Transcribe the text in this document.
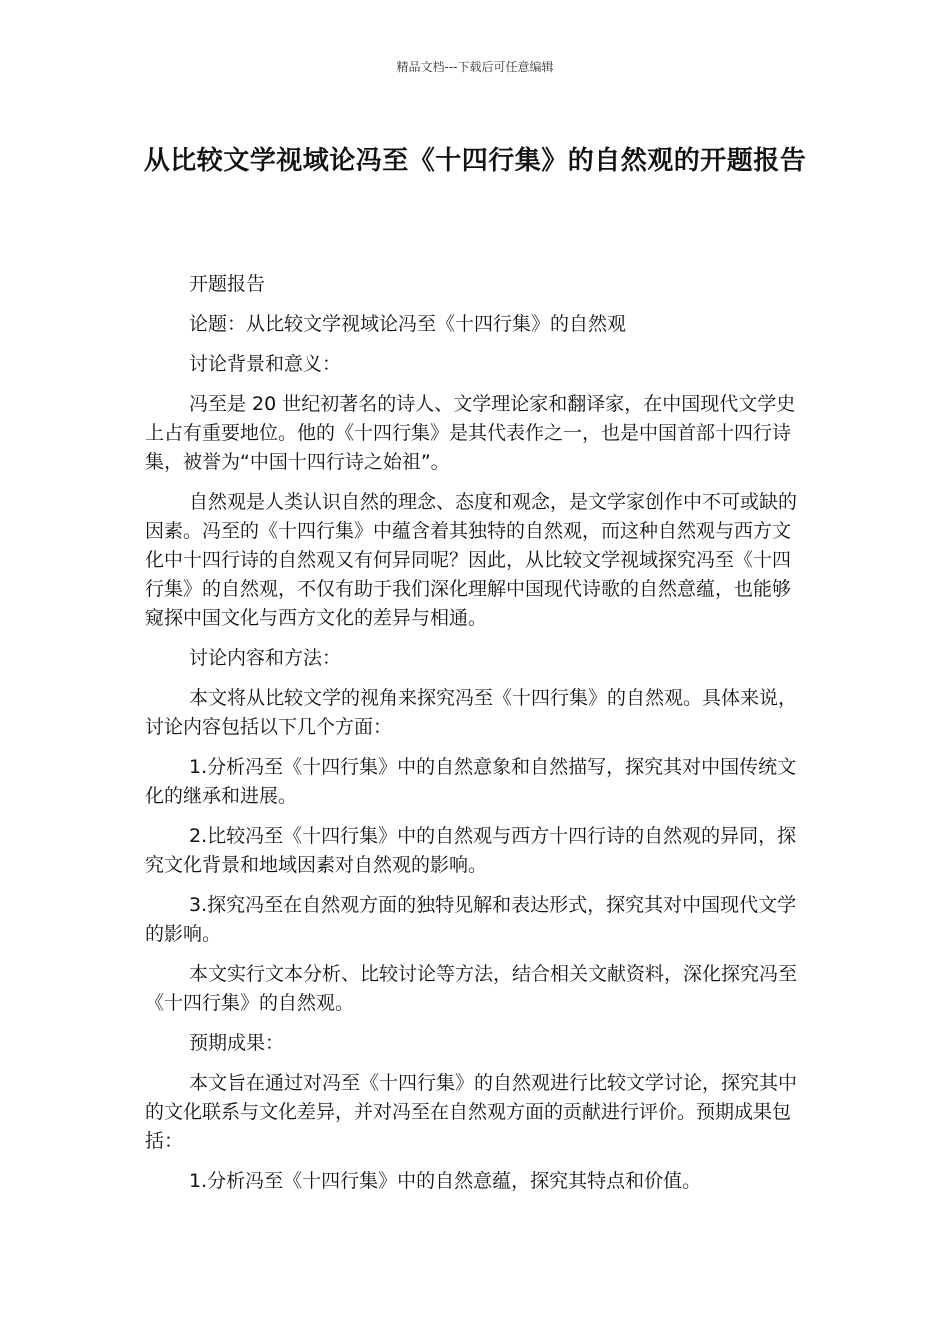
精品文档---下载后可任意编辑
从比较文学视域论冯至《十四行集》的自然观的开题报告

开题报告

论题：从比较文学视域论冯至《十四行集》的自然观

讨论背景和意义：

冯至是 20 世纪初著名的诗人、文学理论家和翻译家，在中国现代文学史上占有重要地位。他的《十四行集》是其代表作之一，也是中国首部十四行诗集，被誉为“中国十四行诗之始祖”。

自然观是人类认识自然的理念、态度和观念，是文学家创作中不可或缺的因素。冯至的《十四行集》中蕴含着其独特的自然观，而这种自然观与西方文化中十四行诗的自然观又有何异同呢？因此，从比较文学视域探究冯至《十四行集》的自然观，不仅有助于我们深化理解中国现代诗歌的自然意蕴，也能够窥探中国文化与西方文化的差异与相通。

讨论内容和方法：

本文将从比较文学的视角来探究冯至《十四行集》的自然观。具体来说，讨论内容包括以下几个方面：

1.分析冯至《十四行集》中的自然意象和自然描写，探究其对中国传统文化的继承和进展。

2.比较冯至《十四行集》中的自然观与西方十四行诗的自然观的异同，探究文化背景和地域因素对自然观的影响。

3.探究冯至在自然观方面的独特见解和表达形式，探究其对中国现代文学的影响。

本文实行文本分析、比较讨论等方法，结合相关文献资料，深化探究冯至《十四行集》的自然观。

预期成果：

本文旨在通过对冯至《十四行集》的自然观进行比较文学讨论，探究其中的文化联系与文化差异，并对冯至在自然观方面的贡献进行评价。预期成果包括：

1.分析冯至《十四行集》中的自然意蕴，探究其特点和价值。
